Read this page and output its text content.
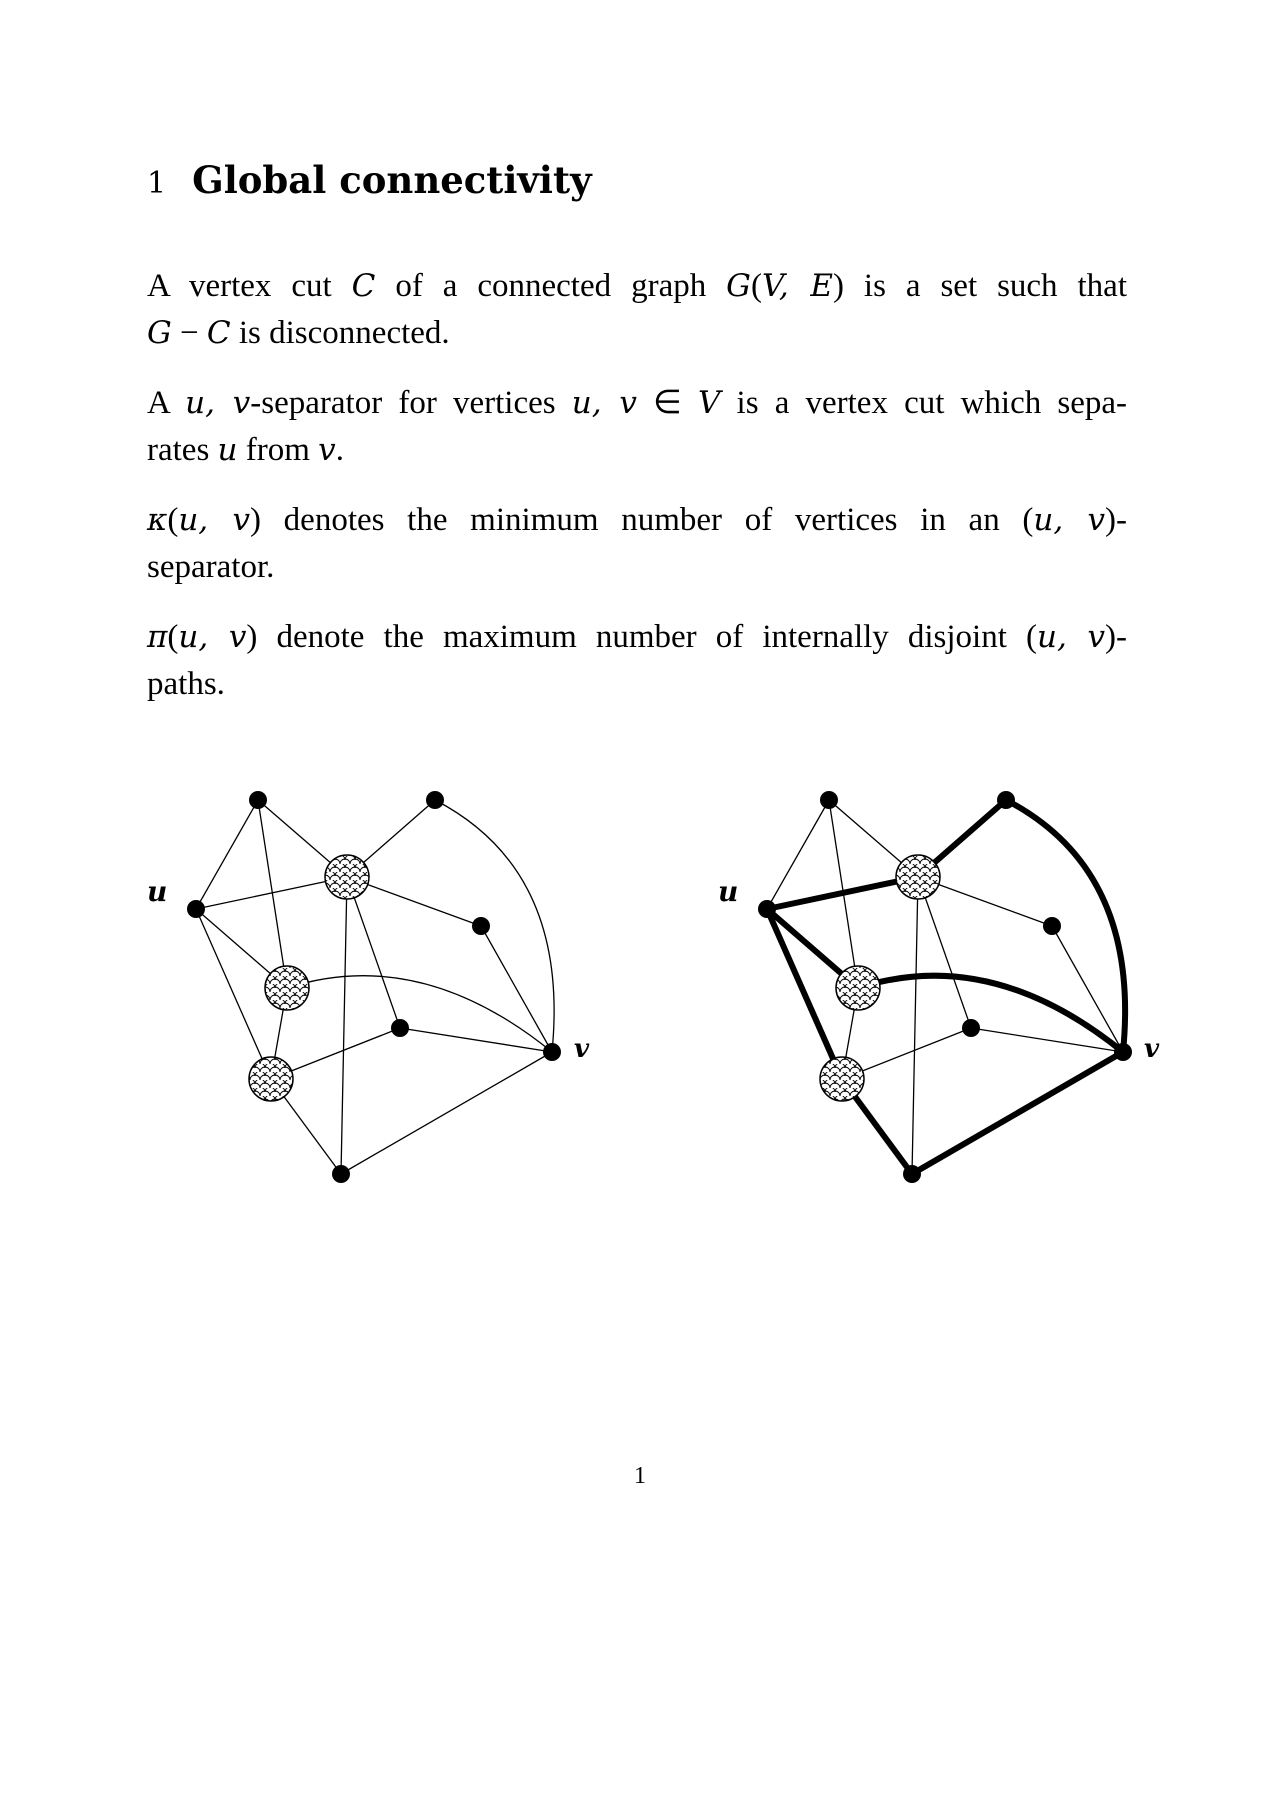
1 Global connectivity
A vertex cut C of a connected graph G(V, E) is a set such that
G − C is disconnected.
A u, v-separator for vertices u, v ∈ V is a vertex cut which sepa-
rates u from v.
κ(u, v) denotes the minimum number of vertices in an (u, v)-
separator.
π(u, v) denote the maximum number of internally disjoint (u, v)-
paths.
u
v
u
v
1
